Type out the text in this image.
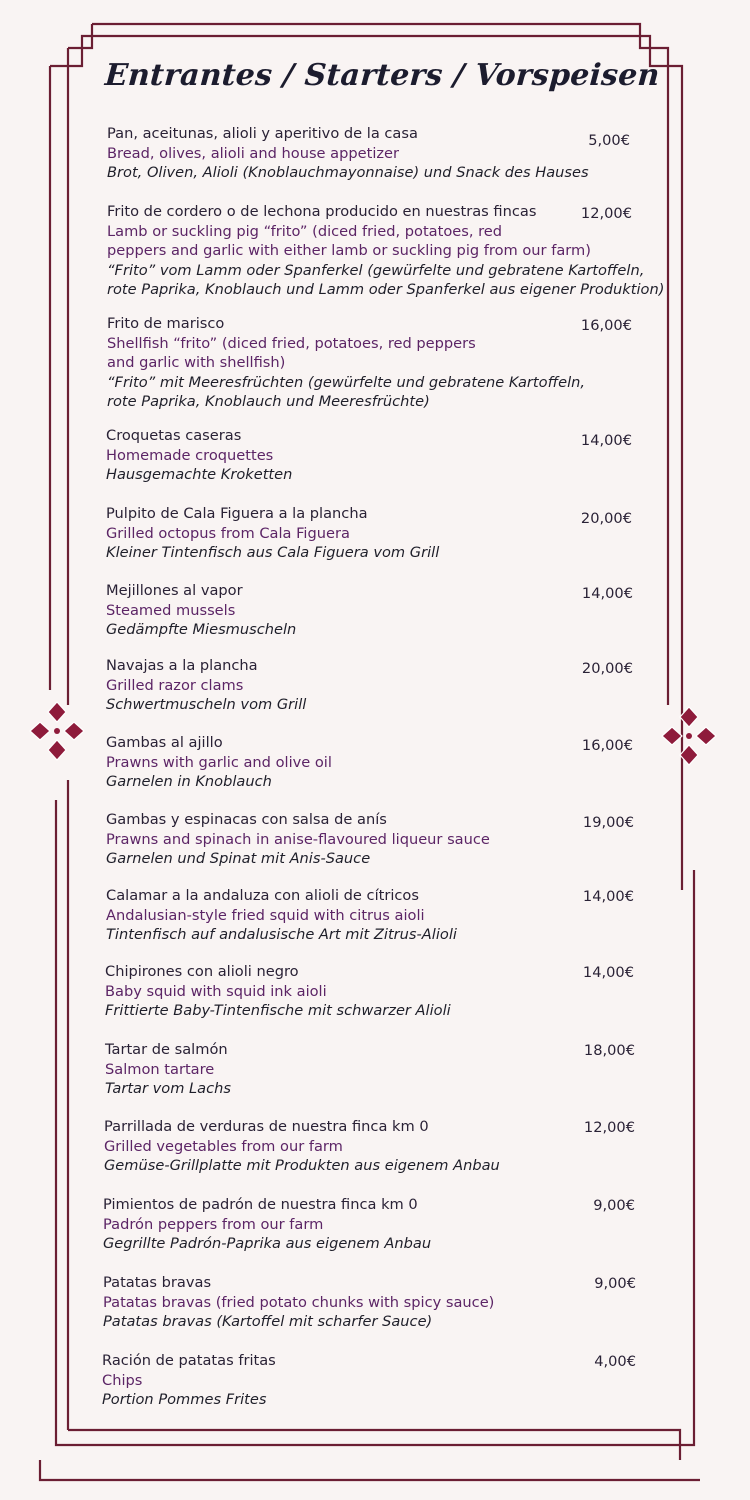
Entrantes / Starters / Vorspeisen
Pan, aceitunas, alioli y aperitivo de la casa
Bread, olives, alioli and house appetizer
Brot, Oliven, Alioli (Knoblauchmayonnaise) und Snack des Hauses
5,00€
Frito de cordero o de lechona producido en nuestras fincas
Lamb or suckling pig “frito” (diced fried, potatoes, red
peppers and garlic with either lamb or suckling pig from our farm)
“Frito” vom Lamm oder Spanferkel (gewürfelte und gebratene Kartoffeln,
rote Paprika, Knoblauch und Lamm oder Spanferkel aus eigener Produktion)
12,00€
Frito de marisco
Shellfish “frito” (diced fried, potatoes, red peppers
and garlic with shellfish)
“Frito” mit Meeresfrüchten (gewürfelte und gebratene Kartoffeln,
rote Paprika, Knoblauch und Meeresfrüchte)
16,00€
Croquetas caseras
Homemade croquettes
Hausgemachte Kroketten
14,00€
Pulpito de Cala Figuera a la plancha
Grilled octopus from Cala Figuera
Kleiner Tintenfisch aus Cala Figuera vom Grill
20,00€
Mejillones al vapor
Steamed mussels
Gedämpfte Miesmuscheln
14,00€
Navajas a la plancha
Grilled razor clams
Schwertmuscheln vom Grill
20,00€
Gambas al ajillo
Prawns with garlic and olive oil
Garnelen in Knoblauch
16,00€
Gambas y espinacas con salsa de anís
Prawns and spinach in anise-flavoured liqueur sauce
Garnelen und Spinat mit Anis-Sauce
19,00€
Calamar a la andaluza con alioli de cítricos
Andalusian-style fried squid with citrus aioli
Tintenfisch auf andalusische Art mit Zitrus-Alioli
14,00€
Chipirones con alioli negro
Baby squid with squid ink aioli
Frittierte Baby-Tintenfische mit schwarzer Alioli
14,00€
Tartar de salmón
Salmon tartare
Tartar vom Lachs
18,00€
Parrillada de verduras de nuestra finca km 0
Grilled vegetables from our farm
Gemüse-Grillplatte mit Produkten aus eigenem Anbau
12,00€
Pimientos de padrón de nuestra finca km 0
Padrón peppers from our farm
Gegrillte Padrón-Paprika aus eigenem Anbau
9,00€
Patatas bravas
Patatas bravas (fried potato chunks with spicy sauce)
Patatas bravas (Kartoffel mit scharfer Sauce)
9,00€
Ración de patatas fritas
Chips
Portion Pommes Frites
4,00€
